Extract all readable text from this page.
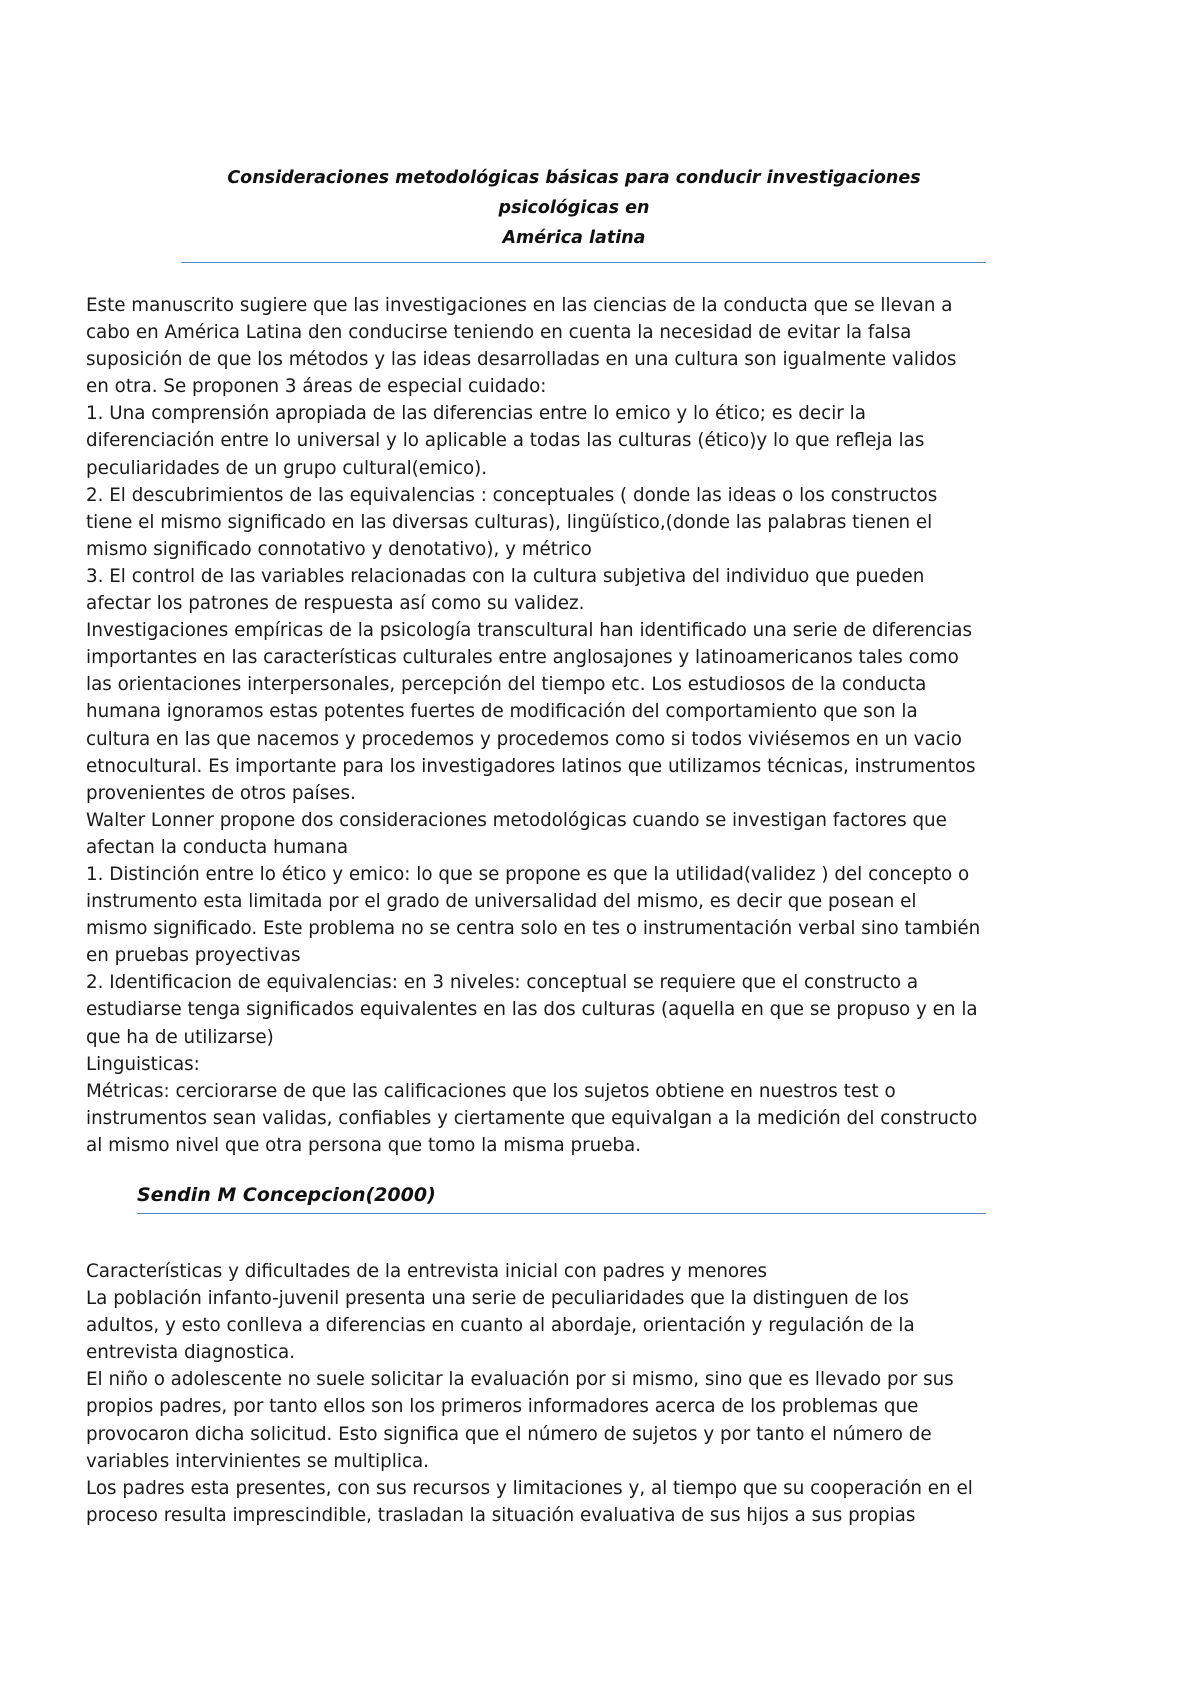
Consideraciones metodológicas básicas para conducir investigaciones psicológicas en
América latina
Este manuscrito sugiere que las investigaciones en las ciencias de la conducta que se llevan a
cabo en América Latina den conducirse teniendo en cuenta la necesidad de evitar la falsa
suposición de que los métodos y las ideas desarrolladas en una cultura son igualmente validos
en otra. Se proponen 3 áreas de especial cuidado:
1. Una comprensión apropiada de las diferencias entre lo emico y lo ético; es decir la
diferenciación entre lo universal y lo aplicable a todas las culturas (ético)y lo que refleja las
peculiaridades de un grupo cultural(emico).
2. El descubrimientos de las equivalencias : conceptuales ( donde las ideas o los constructos
tiene el mismo significado en las diversas culturas), lingüístico,(donde las palabras tienen el
mismo significado connotativo y denotativo), y métrico
3. El control de las variables relacionadas con la cultura subjetiva del individuo que pueden
afectar los patrones de respuesta así como su validez.
Investigaciones empíricas de la psicología transcultural han identificado una serie de diferencias
importantes en las características culturales entre anglosajones y latinoamericanos tales como
las orientaciones interpersonales, percepción del tiempo etc. Los estudiosos de la conducta
humana ignoramos estas potentes fuertes de modificación del comportamiento que son la
cultura en las que nacemos y procedemos y procedemos como si todos viviésemos en un vacio
etnocultural. Es importante para los investigadores latinos que utilizamos técnicas, instrumentos
provenientes de otros países.
Walter Lonner propone dos consideraciones metodológicas cuando se investigan factores que
afectan la conducta humana
1. Distinción entre lo ético y emico: lo que se propone es que la utilidad(validez ) del concepto o
instrumento esta limitada por el grado de universalidad del mismo, es decir que posean el
mismo significado. Este problema no se centra solo en tes o instrumentación verbal sino también
en pruebas proyectivas
2. Identificacion de equivalencias: en 3 niveles: conceptual se requiere que el constructo a
estudiarse tenga significados equivalentes en las dos culturas (aquella en que se propuso y en la
que ha de utilizarse)
Linguisticas:
Métricas: cerciorarse de que las calificaciones que los sujetos obtiene en nuestros test o
instrumentos sean validas, confiables y ciertamente que equivalgan a la medición del constructo
al mismo nivel que otra persona que tomo la misma prueba.
Sendin M Concepcion(2000)
Características y dificultades de la entrevista inicial con padres y menores
La población infanto-juvenil presenta una serie de peculiaridades que la distinguen de los
adultos, y esto conlleva a diferencias en cuanto al abordaje, orientación y regulación de la
entrevista diagnostica.
El niño o adolescente no suele solicitar la evaluación por si mismo, sino que es llevado por sus
propios padres, por tanto ellos son los primeros informadores acerca de los problemas que
provocaron dicha solicitud. Esto significa que el número de sujetos y por tanto el número de
variables intervinientes se multiplica.
Los padres esta presentes, con sus recursos y limitaciones y, al tiempo que su cooperación en el
proceso resulta imprescindible, trasladan la situación evaluativa de sus hijos a sus propias
